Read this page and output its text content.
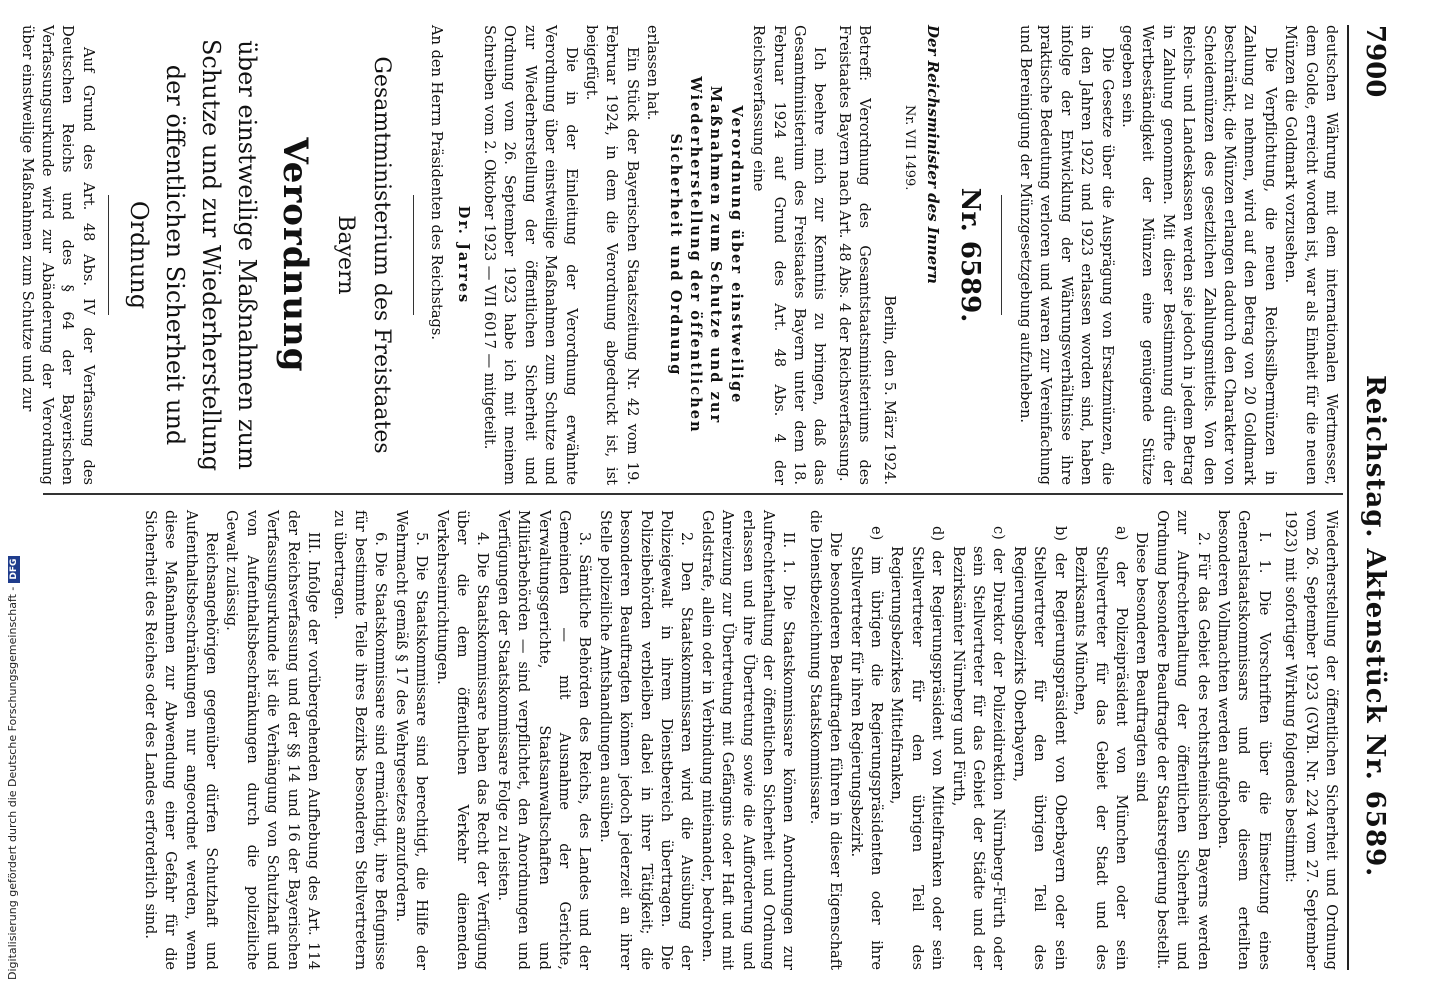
7900
Reichstag. Aktenstück Nr. 6589.

deutschen Währung mit dem internationalen Wertmesser, dem Golde, erreicht worden ist, war als Einheit für die neuen Münzen die Goldmark vorzusehen.

Die Verpflichtung, die neuen Reichssilbermünzen in Zahlung zu nehmen, wird auf den Betrag von 20 Goldmark beschränkt; die Münzen erlangen dadurch den Charakter von Scheidemünzen des gesetzlichen Zahlungsmittels. Von den Reichs- und Landeskassen werden sie jedoch in jedem Betrag in Zahlung genommen. Mit dieser Bestimmung dürfte der Wertbeständigkeit der Münzen eine genügende Stütze gegeben sein.

Die Gesetze über die Ausprägung von Ersatzmünzen, die in den Jahren 1922 und 1923 erlassen worden sind, haben infolge der Entwicklung der Währungsverhältnisse ihre praktische Bedeutung verloren und waren zur Vereinfachung und Bereinigung der Münzgesetzgebung aufzuheben.

Nr. 6589.

Der Reichsminister des Innern

Nr. VII 1499.

Berlin, den 5. März 1924.

Betreff: Verordnung des Gesamtstaatsministeriums des Freistaates Bayern nach Art. 48 Abs. 4 der Reichsverfassung.

Ich beehre mich zur Kenntnis zu bringen, daß das Gesamtministerium des Freistaates Bayern unter dem 18. Februar 1924 auf Grund des Art. 48 Abs. 4 der Reichsverfassung eine

Verordnung über einstweilige Maßnahmen zum Schutze und zur Wiederherstellung der öffentlichen Sicherheit und Ordnung

erlassen hat.

Ein Stück der Bayerischen Staatszeitung Nr. 42 vom 19. Februar 1924, in dem die Verordnung abgedruckt ist, ist beigefügt.

Die in der Einleitung der Verordnung erwähnte Verordnung über einstweilige Maßnahmen zum Schutze und zur Wiederherstellung der öffentlichen Sicherheit und Ordnung vom 26. September 1923 habe ich mit meinem Schreiben vom 2. Oktober 1923 — VII 6017 — mitgeteilt.

Dr. Jarres

An den Herrn Präsidenten des Reichstags.

Gesamtministerium des Freistaates Bayern

Verordnung

über einstweilige Maßnahmen zum Schutze und zur Wiederherstellung der öffentlichen Sicherheit und Ordnung

Auf Grund des Art. 48 Abs. IV der Verfassung des Deutschen Reichs und des § 64 der Bayerischen Verfassungsurkunde wird zur Abänderung der Verordnung über einstweilige Maßnahmen zum Schutze und zur

Wiederherstellung der öffentlichen Sicherheit und Ordnung vom 26. September 1923 (GVBl. Nr. 224 vom 27. September 1923) mit sofortiger Wirkung folgendes bestimmt:

I. 1. Die Vorschriften über die Einsetzung eines Generalstaatskommissars und die diesem erteilten besonderen Vollmachten werden aufgehoben.

2. Für das Gebiet des rechtsrheinischen Bayerns werden zur Aufrechterhaltung der öffentlichen Sicherheit und Ordnung besondere Beauftragte der Staatsregierung bestellt.

Diese besonderen Beauftragten sind

a) der Polizeipräsident von München oder sein Stellvertreter für das Gebiet der Stadt und des Bezirksamts München,

b) der Regierungspräsident von Oberbayern oder sein Stellvertreter für den übrigen Teil des Regierungsbezirks Oberbayern,

c) der Direktor der Polizeidirektion Nürnberg-Fürth oder sein Stellvertreter für das Gebiet der Städte und der Bezirksämter Nürnberg und Fürth,

d) der Regierungspräsident von Mittelfranken oder sein Stellvertreter für den übrigen Teil des Regierungsbezirkes Mittelfranken,

e) im übrigen die Regierungspräsidenten oder ihre Stellvertreter für ihren Regierungsbezirk.

Die besonderen Beauftragten führen in dieser Eigenschaft die Dienstbezeichnung Staatskommissare.

II. 1. Die Staatskommissare können Anordnungen zur Aufrechterhaltung der öffentlichen Sicherheit und Ordnung erlassen und ihre Übertretung sowie die Aufforderung und Anreizung zur Übertretung mit Gefängnis oder Haft und mit Geldstrafe, allein oder in Verbindung miteinander, bedrohen.

2. Den Staatskommissaren wird die Ausübung der Polizeigewalt in ihrem Dienstbereich übertragen. Die Polizeibehörden verbleiben dabei in ihrer Tätigkeit; die besonderen Beauftragten können jedoch jederzeit an ihrer Stelle polizeiliche Amtshandlungen ausüben.

3. Sämtliche Behörden des Reichs, des Landes und der Gemeinden — mit Ausnahme der Gerichte, Verwaltungsgerichte, Staatsanwaltschaften und Militärbehörden — sind verpflichtet, den Anordnungen und Verfügungen der Staatskommissare Folge zu leisten.

4. Die Staatskommissare haben das Recht der Verfügung über die dem öffentlichen Verkehr dienenden Verkehrseinrichtungen.

5. Die Staatskommissare sind berechtigt, die Hilfe der Wehrmacht gemäß § 17 des Wehrgesetzes anzufordern.

6. Die Staatskommissare sind ermächtigt, ihre Befugnisse für bestimmte Teile ihres Bezirks besonderen Stellvertretern zu übertragen.

III. Infolge der vorübergehenden Aufhebung des Art. 114 der Reichsverfassung und der §§ 14 und 16 der Bayerischen Verfassungsurkunde ist die Verhängung von Schutzhaft und von Aufenthaltsbeschränkungen durch die polizeiliche Gewalt zulässig.

Reichsangehörigen gegenüber dürfen Schutzhaft und Aufenthaltsbeschränkungen nur angeordnet werden, wenn diese Maßnahmen zur Abwendung einer Gefahr für die Sicherheit des Reiches oder des Landes erforderlich sind.

Digitalisierung gefördert durch die Deutsche Forschungsgemeinschaft -DFG
